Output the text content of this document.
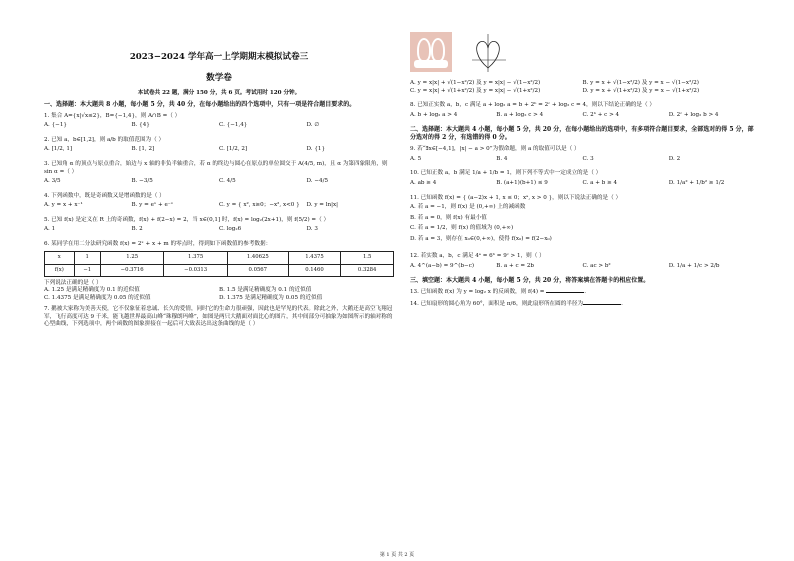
2023−2024 学年高一上学期期末模拟试卷三
数学卷
本试卷共 22 题，满分 150 分，共 6 页。考试用时 120 分钟。
一、选择题：本大题共 8 小题，每小题 5 分，共 40 分，在每小题给出的四个选项中，只有一项是符合题目要求的。
1. 集合 A={x|√x≤2}，B={−1,4}，则 A∩B =（ ）
A. {−1}	B. {4}	C. {−1,4}	D. ∅
2. 已知 a，b∈[1,2]，则 a/b 的取值范围为（ ）
A. [1/2, 1]	B. [1, 2]	C. [1/2, 2]	D. {1}
3. 已知角 α 的顶点与原点重合，始边与 x 轴的非负半轴重合，若 α 的终边与圆心在原点的单位圆交于 A(4/5, m)，且 α 为第四象限角，则 sin α =（ ）
A. 3/5	B. −3/5	C. 4/5	D. −4/5
4. 下列函数中，既是奇函数又是增函数的是（ ）
A. y = x + x⁻¹	B. y = eˣ + e⁻ˣ	C. y = { x², x≥0；−x², x<0 }	D. y = ln|x|
5. 已知 f(x) 是定义在 R 上的奇函数，f(x) + f(2−x) = 2，当 x∈(0,1] 时，f(x) = log₂(2x+1)，则 f(5/2) =（ ）
A. 1	B. 2	C. log₂6	D. 3
6. 某同学在用二分法研究函数 f(x) = 2ˣ + x + m 的零点时，得到如下函数值的参考数据：
x	1	1.25	1.375	1.40625	1.4375	1.5
f(x)	−1	−0.3716	−0.0313	0.0567	0.1460	0.3284
下列说法正确的是（ ）
A. 1.25 是满足精确度为 0.1 的近似值	B. 1.5 是满足精确度为 0.1 的近似值
C. 1.4375 是满足精确度为 0.05 的近似值	D. 1.375 是满足精确度为 0.05 的近似值
7. 鹅被大家称为美善天使，它不仅象征着忠诚、长久的爱情，同时它的生命力很顽强，因此也是罕见的代表。除此之外，大鹅还是高空飞翔冠军，飞行高度可达 9 千米，能飞越世界最高山峰“珠穆朗玛峰”，如图是两只大鹅面对面比心的图片，其中间部分可抽象为如图所示的轴对称的心型曲线，下列选项中，两个函数的图象拼接在一起后可大致表达出这条曲线的是（ ）
A. y = x|x| + √(1−x²/2) 及 y = x|x| − √(1−x²/2)	B. y = x + √(1−x²/2) 及 y = x − √(1−x²/2)
C. y = x|x| + √(1+x²/2) 及 y = x|x| − √(1+x²/2)	D. y = x + √(1+x²/2) 及 y = x − √(1+x²/2)
8. 已知正实数 a，b，c 满足 a + log₂ a = b + 2ᵇ = 2ᶜ + log₂ c = 4，则以下结论正确的是（ ）
A. b + log₂ a > 4	B. a + log₂ c > 4	C. 2ᵇ + c > 4	D. 2ᶜ + log₂ b > 4
二、选择题：本大题共 4 小题，每小题 5 分，共 20 分，在每小题给出的选项中，有多项符合题目要求，全部选对的得 5 分，部分选对的得 2 分，有选错的得 0 分。
9. 若“∃x∈[−4,1]，|x| − a > 0”为假命题，则 a 的取值可以是（ ）
A. 5	B. 4	C. 3	D. 2
10. 已知正数 a，b 满足 1/a + 1/b = 1，则下列不等式中一定成立的是（ ）
A. ab ≥ 4	B. (a+1)(b+1) ≤ 9	C. a + b ≥ 4	D. 1/a² + 1/b² ≥ 1/2
11. 已知函数 f(x) = { (a−2)x + 1, x ≤ 0；xᵃ, x > 0 }，则以下说法正确的是（ ）
A. 若 a = −1，则 f(x) 是 (0,+∞) 上的减函数
B. 若 a = 0，则 f(x) 有最小值
C. 若 a = 1/2，则 f(x) 的值域为 (0,+∞)
D. 若 a = 3，则存在 x₀∈(0,+∞)，使得 f(x₀) = f(2−x₀)
12. 若实数 a，b，c 满足 4ᵃ = 6ᵇ = 9ᶜ > 1，则（ ）
A. 4^(a−b) = 9^(b−c)	B. a + c = 2b	C. ac > b²	D. 1/a + 1/c > 2/b
三、填空题：本大题共 4 小题，每小题 5 分，共 20 分，将答案填在答题卡的相应位置。
13. 已知函数 f(x) 为 y = log₂ x 的反函数，则 f(4) =	.
14. 已知扇形的圆心角为 60°，面积是 π/6，则此扇形所在圆的半径为	.
第 1 页 共 2 页
